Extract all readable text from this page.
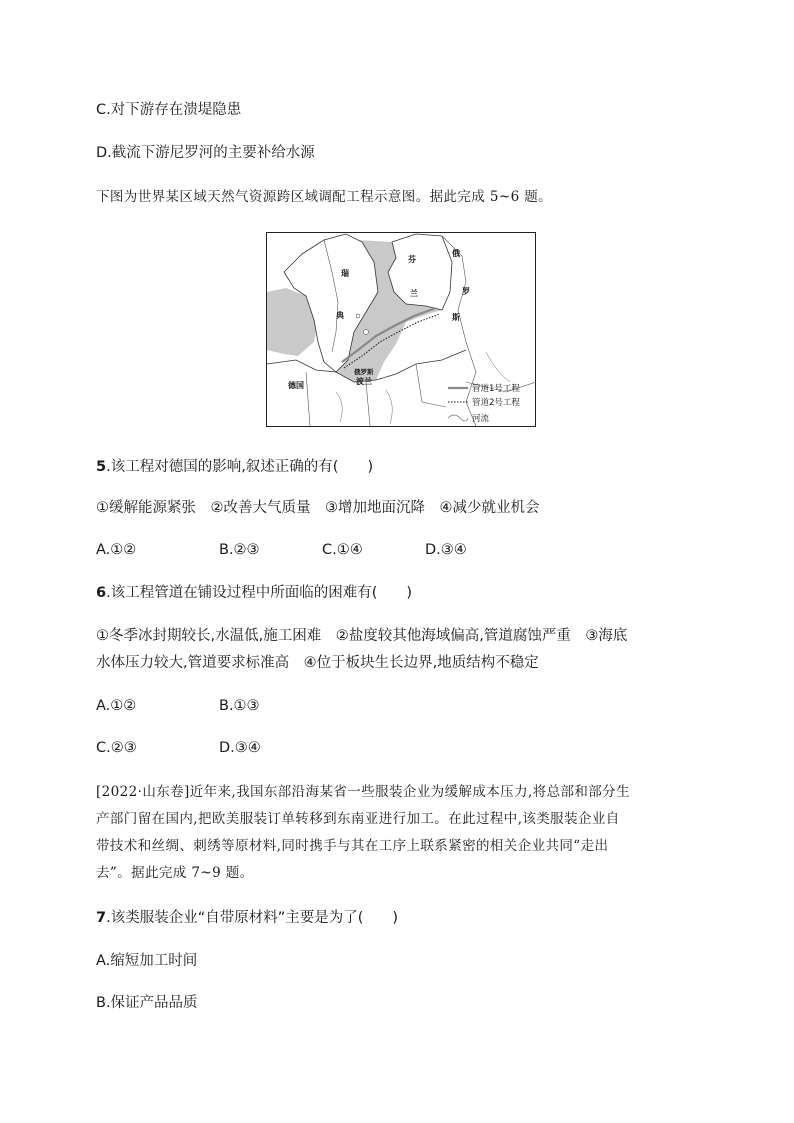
C.对下游存在溃堤隐患
D.截流下游尼罗河的主要补给水源
下图为世界某区域天然气资源跨区域调配工程示意图。据此完成 5~6 题。
瑞
典
芬
兰
俄
罗
斯
俄罗斯
德国	波兰
管道1号工程
管道2号工程
河流
5.该工程对德国的影响,叙述正确的有(　　)
①缓解能源紧张　②改善大气质量　③增加地面沉降　④减少就业机会
A.①②	B.②③	C.①④	D.③④
6.该工程管道在铺设过程中所面临的困难有(　　)
①冬季冰封期较长,水温低,施工困难　②盐度较其他海域偏高,管道腐蚀严重　③海底
水体压力较大,管道要求标准高　④位于板块生长边界,地质结构不稳定
A.①②	B.①③
C.②③	D.③④
[2022·山东卷]近年来,我国东部沿海某省一些服装企业为缓解成本压力,将总部和部分生
产部门留在国内,把欧美服装订单转移到东南亚进行加工。在此过程中,该类服装企业自
带技术和丝绸、刺绣等原材料,同时携手与其在工序上联系紧密的相关企业共同“走出
去”。据此完成 7~9 题。
7.该类服装企业“自带原材料”主要是为了(　　)
A.缩短加工时间
B.保证产品品质
